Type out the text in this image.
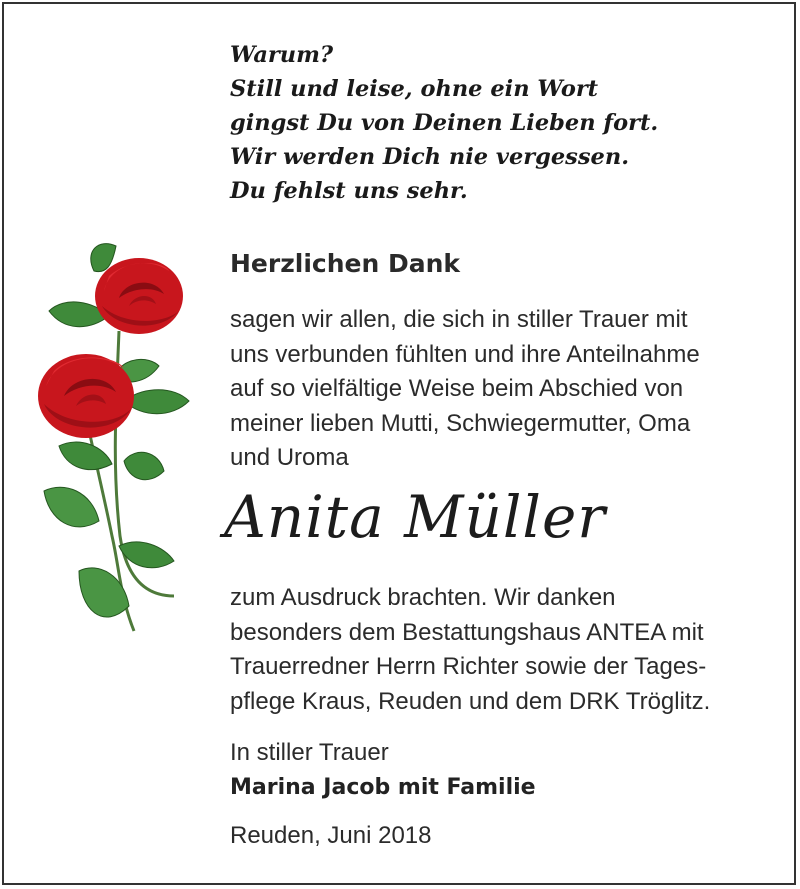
Warum?
Still und leise, ohne ein Wort
gingst Du von Deinen Lieben fort.
Wir werden Dich nie vergessen.
Du fehlst uns sehr.
Herzlichen Dank
sagen wir allen, die sich in stiller Trauer mit
uns verbunden fühlten und ihre Anteilnahme
auf so vielfältige Weise beim Abschied von
meiner lieben Mutti, Schwiegermutter, Oma
und Uroma
Anita Müller
zum Ausdruck brachten. Wir danken
besonders dem Bestattungshaus ANTEA mit
Trauerredner Herrn Richter sowie der Tages-
pflege Kraus, Reuden und dem DRK Tröglitz.
In stiller Trauer
Marina Jacob mit Familie
Reuden, Juni 2018
